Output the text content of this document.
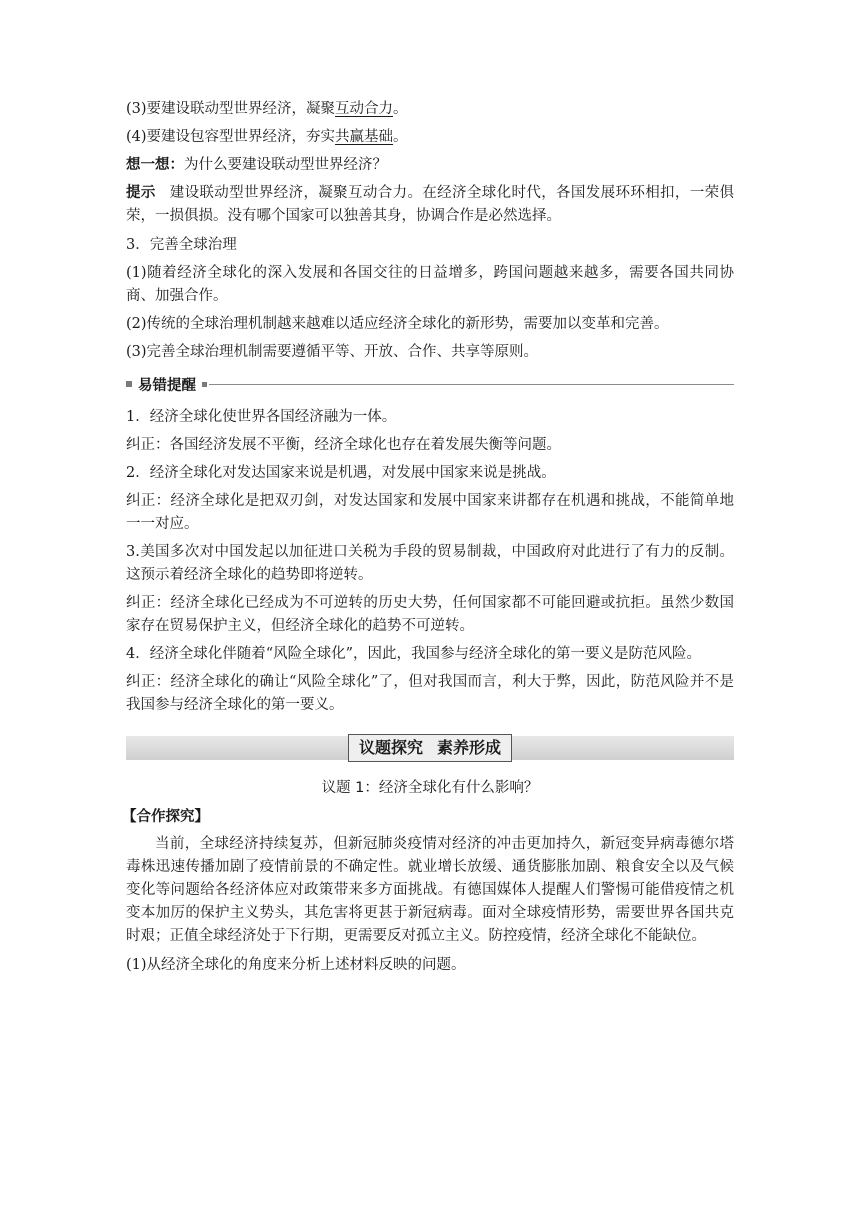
(3)要建设联动型世界经济，凝聚互动合力。

(4)要建设包容型世界经济，夯实共赢基础。

想一想：为什么要建设联动型世界经济？

提示 建设联动型世界经济，凝聚互动合力。在经济全球化时代，各国发展环环相扣，一荣俱荣，一损俱损。没有哪个国家可以独善其身，协调合作是必然选择。

3．完善全球治理

(1)随着经济全球化的深入发展和各国交往的日益增多，跨国问题越来越多，需要各国共同协商、加强合作。

(2)传统的全球治理机制越来越难以适应经济全球化的新形势，需要加以变革和完善。

(3)完善全球治理机制需要遵循平等、开放、合作、共享等原则。

易错提醒

1．经济全球化使世界各国经济融为一体。

纠正：各国经济发展不平衡，经济全球化也存在着发展失衡等问题。

2．经济全球化对发达国家来说是机遇，对发展中国家来说是挑战。

纠正：经济全球化是把双刃剑，对发达国家和发展中国家来讲都存在机遇和挑战，不能简单地一一对应。

3.美国多次对中国发起以加征进口关税为手段的贸易制裁，中国政府对此进行了有力的反制。这预示着经济全球化的趋势即将逆转。

纠正：经济全球化已经成为不可逆转的历史大势，任何国家都不可能回避或抗拒。虽然少数国家存在贸易保护主义，但经济全球化的趋势不可逆转。

4．经济全球化伴随着“风险全球化”，因此，我国参与经济全球化的第一要义是防范风险。

纠正：经济全球化的确让“风险全球化”了，但对我国而言，利大于弊，因此，防范风险并不是我国参与经济全球化的第一要义。

议题探究 素养形成

议题 1：经济全球化有什么影响？

【合作探究】

当前，全球经济持续复苏，但新冠肺炎疫情对经济的冲击更加持久，新冠变异病毒德尔塔毒株迅速传播加剧了疫情前景的不确定性。就业增长放缓、通货膨胀加剧、粮食安全以及气候变化等问题给各经济体应对政策带来多方面挑战。有德国媒体人提醒人们警惕可能借疫情之机变本加厉的保护主义势头，其危害将更甚于新冠病毒。面对全球疫情形势，需要世界各国共克时艰；正值全球经济处于下行期，更需要反对孤立主义。防控疫情，经济全球化不能缺位。

(1)从经济全球化的角度来分析上述材料反映的问题。
